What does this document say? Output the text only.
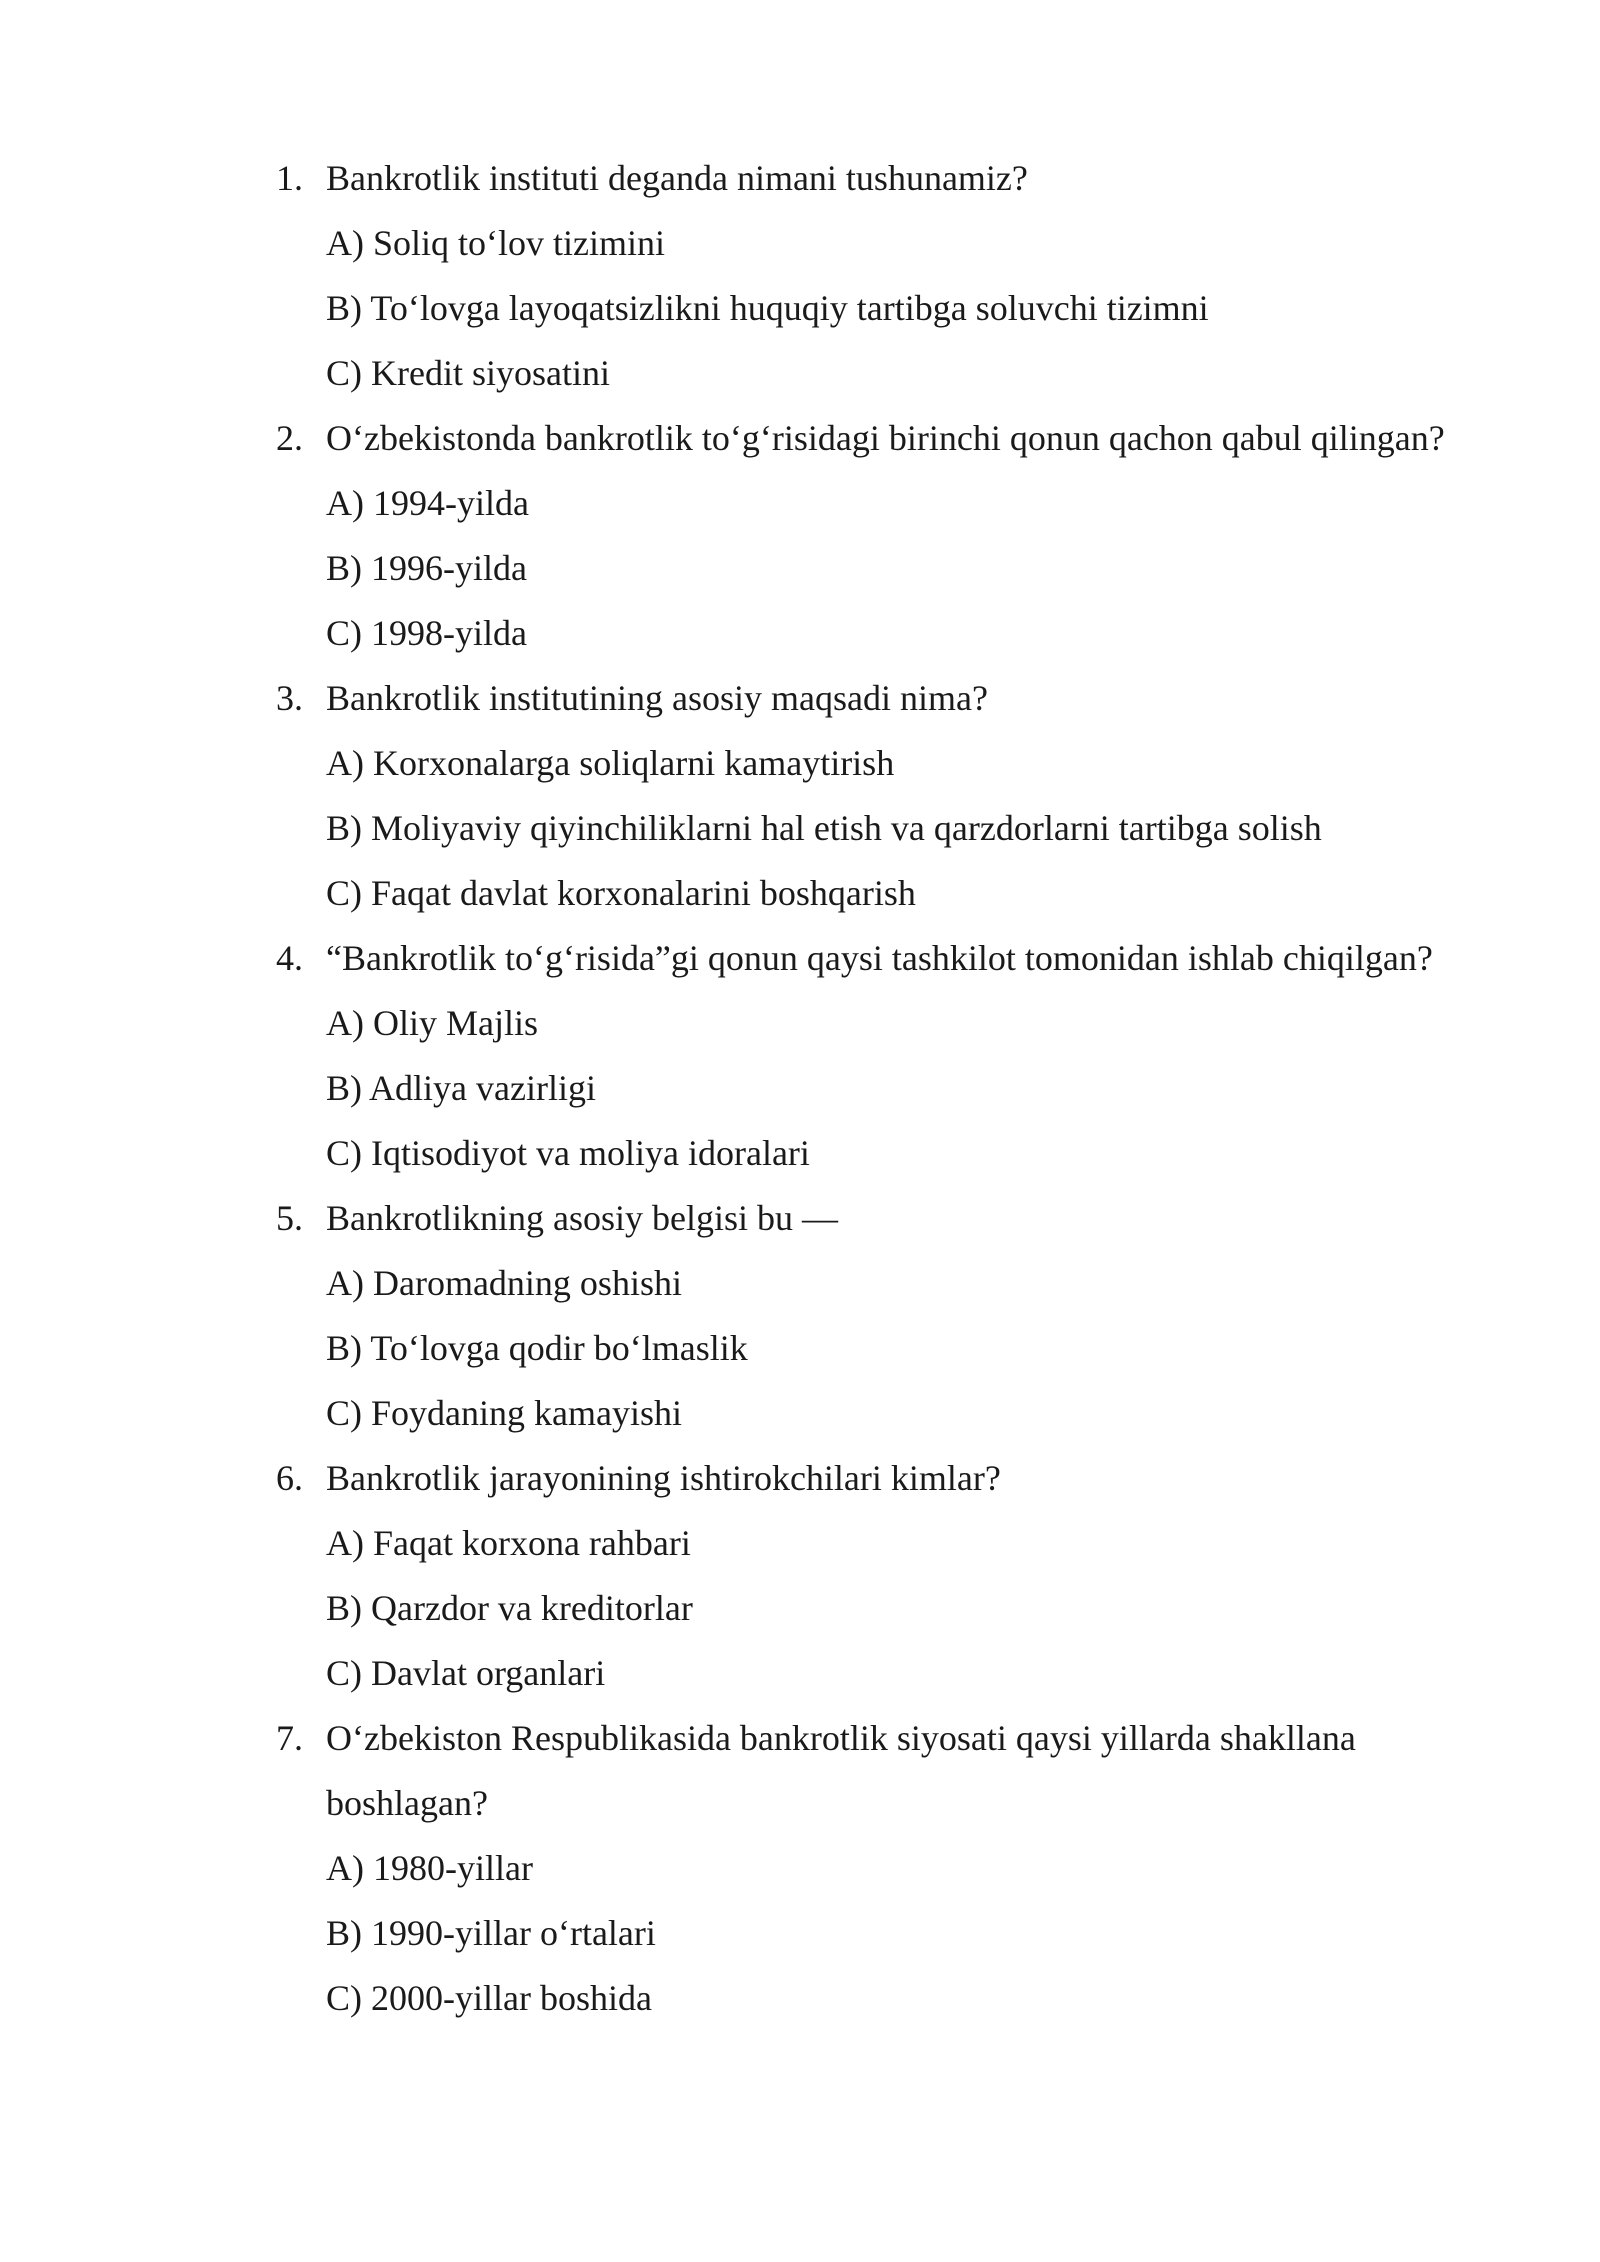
1. Bankrotlik instituti deganda nimani tushunamiz?
A) Soliq to‘lov tizimini
B) To‘lovga layoqatsizlikni huquqiy tartibga soluvchi tizimni
C) Kredit siyosatini
2. O‘zbekistonda bankrotlik to‘g‘risidagi birinchi qonun qachon qabul qilingan?
A) 1994-yilda
B) 1996-yilda
C) 1998-yilda
3. Bankrotlik institutining asosiy maqsadi nima?
A) Korxonalarga soliqlarni kamaytirish
B) Moliyaviy qiyinchiliklarni hal etish va qarzdorlarni tartibga solish
C) Faqat davlat korxonalarini boshqarish
4. “Bankrotlik to‘g‘risida”gi qonun qaysi tashkilot tomonidan ishlab chiqilgan?
A) Oliy Majlis
B) Adliya vazirligi
C) Iqtisodiyot va moliya idoralari
5. Bankrotlikning asosiy belgisi bu —
A) Daromadning oshishi
B) To‘lovga qodir bo‘lmaslik
C) Foydaning kamayishi
6. Bankrotlik jarayonining ishtirokchilari kimlar?
A) Faqat korxona rahbari
B) Qarzdor va kreditorlar
C) Davlat organlari
7. O‘zbekiston Respublikasida bankrotlik siyosati qaysi yillarda shakllana boshlagan?
A) 1980-yillar
B) 1990-yillar o‘rtalari
C) 2000-yillar boshida
